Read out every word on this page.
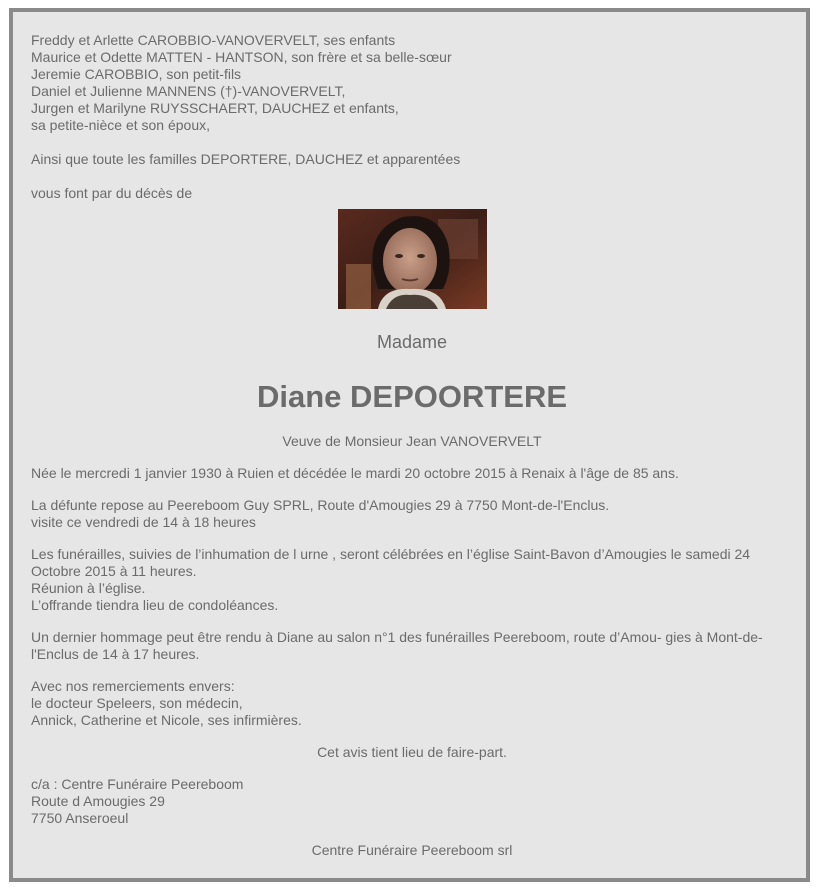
Freddy et Arlette CAROBBIO-VANOVERVELT, ses enfants
Maurice et Odette MATTEN - HANTSON, son frère et sa belle-sœur
Jeremie CAROBBIO, son petit-fils
Daniel et Julienne MANNENS (†)-VANOVERVELT,
Jurgen et Marilyne RUYSSCHAERT, DAUCHEZ et enfants,
sa petite-nièce et son époux,
Ainsi que toute les familles DEPORTERE, DAUCHEZ et apparentées
vous font par du décès de
Madame
Diane DEPOORTERE
Veuve de Monsieur Jean VANOVERVELT
Née le mercredi 1 janvier 1930 à Ruien et décédée le mardi 20 octobre 2015 à Renaix à l'âge de 85 ans.
La défunte repose au Peereboom Guy SPRL, Route d'Amougies 29 à 7750 Mont-de-l'Enclus.
visite ce vendredi de 14 à 18 heures
Les funérailles, suivies de l’inhumation de l urne , seront célébrées en l’église Saint-Bavon d’Amougies le samedi 24
Octobre 2015 à 11 heures.
Réunion à l’église.
L’offrande tiendra lieu de condoléances.
Un dernier hommage peut être rendu à Diane au salon n°1 des funérailles Peereboom, route d’Amou- gies à Mont-de-
l'Enclus de 14 à 17 heures.
Avec nos remerciements envers:
le docteur Speleers, son médecin,
Annick, Catherine et Nicole, ses infirmières.
Cet avis tient lieu de faire-part.
c/a : Centre Funéraire Peereboom
Route d Amougies 29
7750 Anseroeul
Centre Funéraire Peereboom srl
